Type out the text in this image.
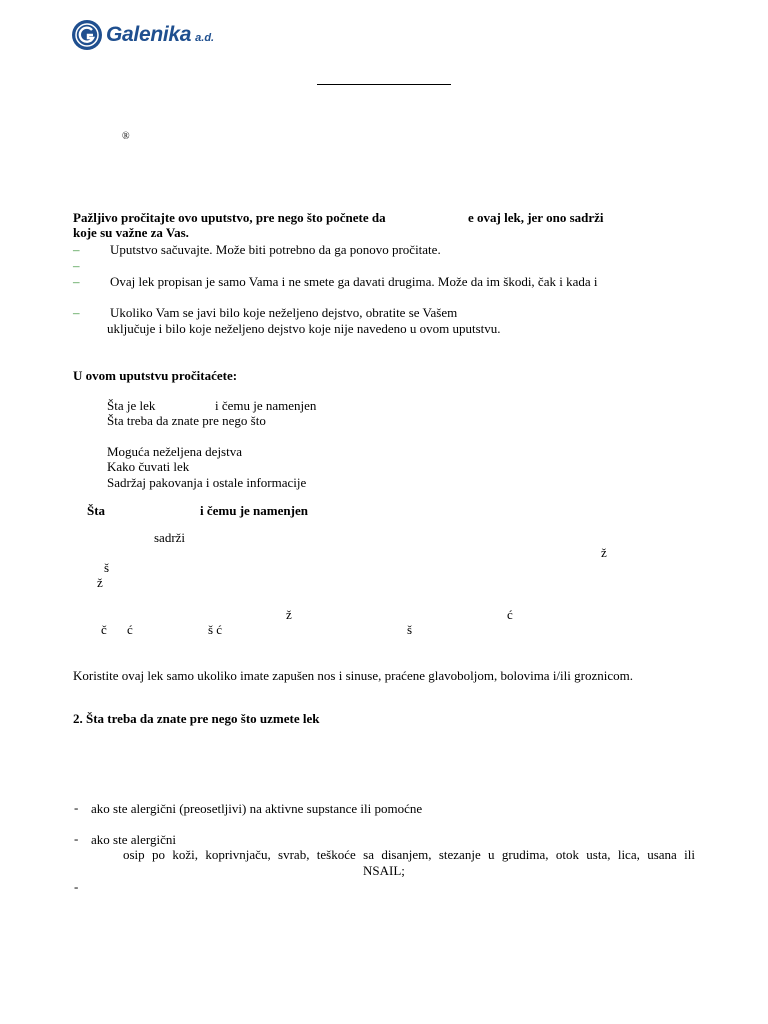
Galenika a.d.
®
Pažljivo pročitajte ovo uputstvo, pre nego što počnete da	e ovaj lek, jer ono sadrži
koje su važne za Vas.
– Uputstvo sačuvajte. Može biti potrebno da ga ponovo pročitate.
–
– Ovaj lek propisan je samo Vama i ne smete ga davati drugima. Može da im škodi, čak i kada i
– Ukoliko Vam se javi bilo koje neželjeno dejstvo, obratite se Vašem
uključuje i bilo koje neželjeno dejstvo koje nije navedeno u ovom uputstvu.
U ovom uputstvu pročitaćete:
Šta je lek	i čemu je namenjen
Šta treba da znate pre nego što
Moguća neželjena dejstva
Kako čuvati lek
Sadržaj pakovanja i ostale informacije
Šta	i čemu je namenjen
sadrži
ž
š
ž
ž	ć
č ć	š ć	š
Koristite ovaj lek samo ukoliko imate zapušen nos i sinuse, praćene glavoboljom, bolovima i/ili groznicom.
2. Šta treba da znate pre nego što uzmete lek
- ako ste alergični (preosetljivi) na aktivne supstance ili pomoćne
- ako ste alergični
osip po koži, koprivnjaču, svrab, teškoće sa disanjem, stezanje u grudima, otok usta, lica, usana ili
NSAIL;
-
